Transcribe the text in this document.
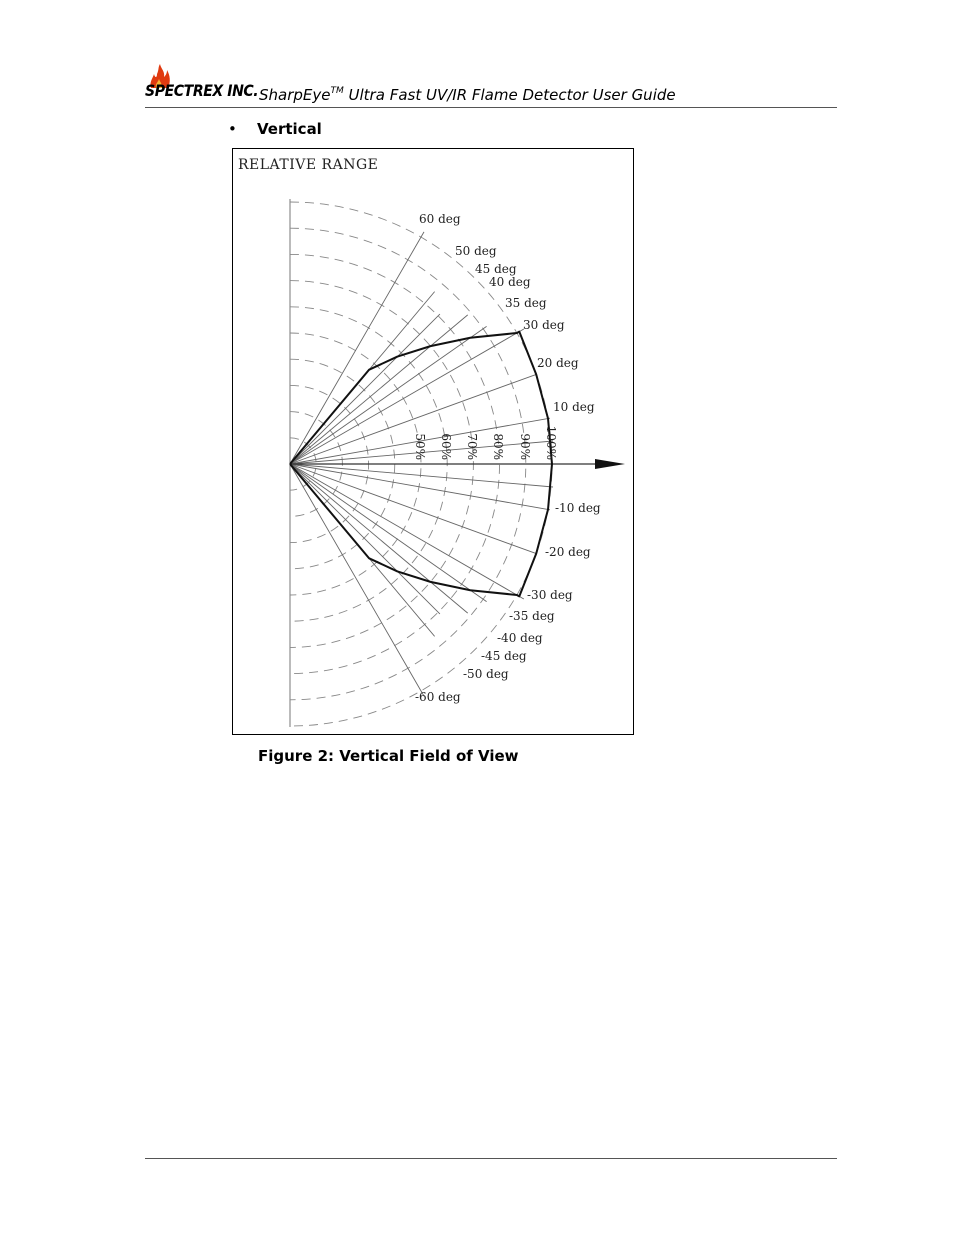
SPECTREX INC. SharpEye™ Ultra Fast UV/IR Flame Detector User Guide
• Vertical
RELATIVE RANGE
60 deg
50 deg
45 deg
40 deg
35 deg
30 deg
20 deg
10 deg
-10 deg
-20 deg
-30 deg
-35 deg
-40 deg
-45 deg
-50 deg
-60 deg
50% 60% 70% 80% 90% 100%
Figure 2: Vertical Field of View
